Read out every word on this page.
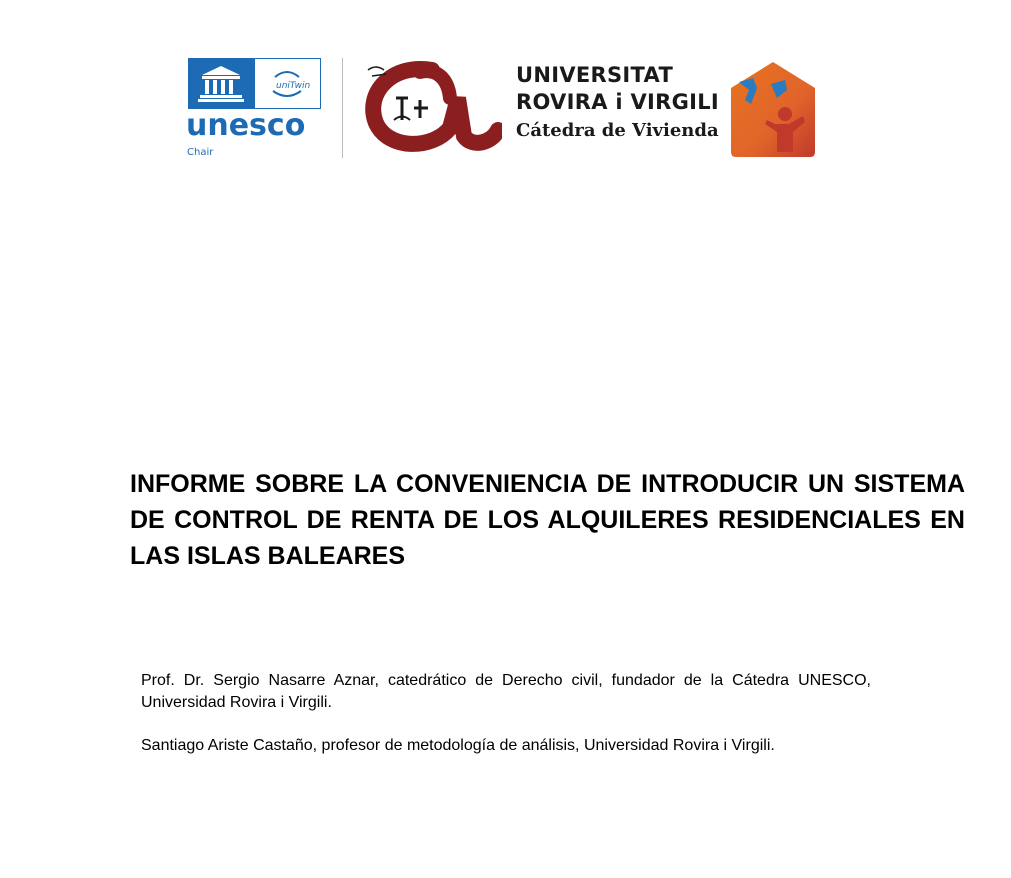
uniTwin
unesco
Chair
UNIVERSITAT
ROVIRA i VIRGILI
Cátedra de Vivienda
INFORME SOBRE LA CONVENIENCIA DE INTRODUCIR UN SISTEMA DE CONTROL DE RENTA DE LOS ALQUILERES RESIDENCIALES EN LAS ISLAS BALEARES

Prof. Dr. Sergio Nasarre Aznar, catedrático de Derecho civil, fundador de la Cátedra UNESCO, Universidad Rovira i Virgili.

Santiago Ariste Castaño, profesor de metodología de análisis, Universidad Rovira i Virgili.
